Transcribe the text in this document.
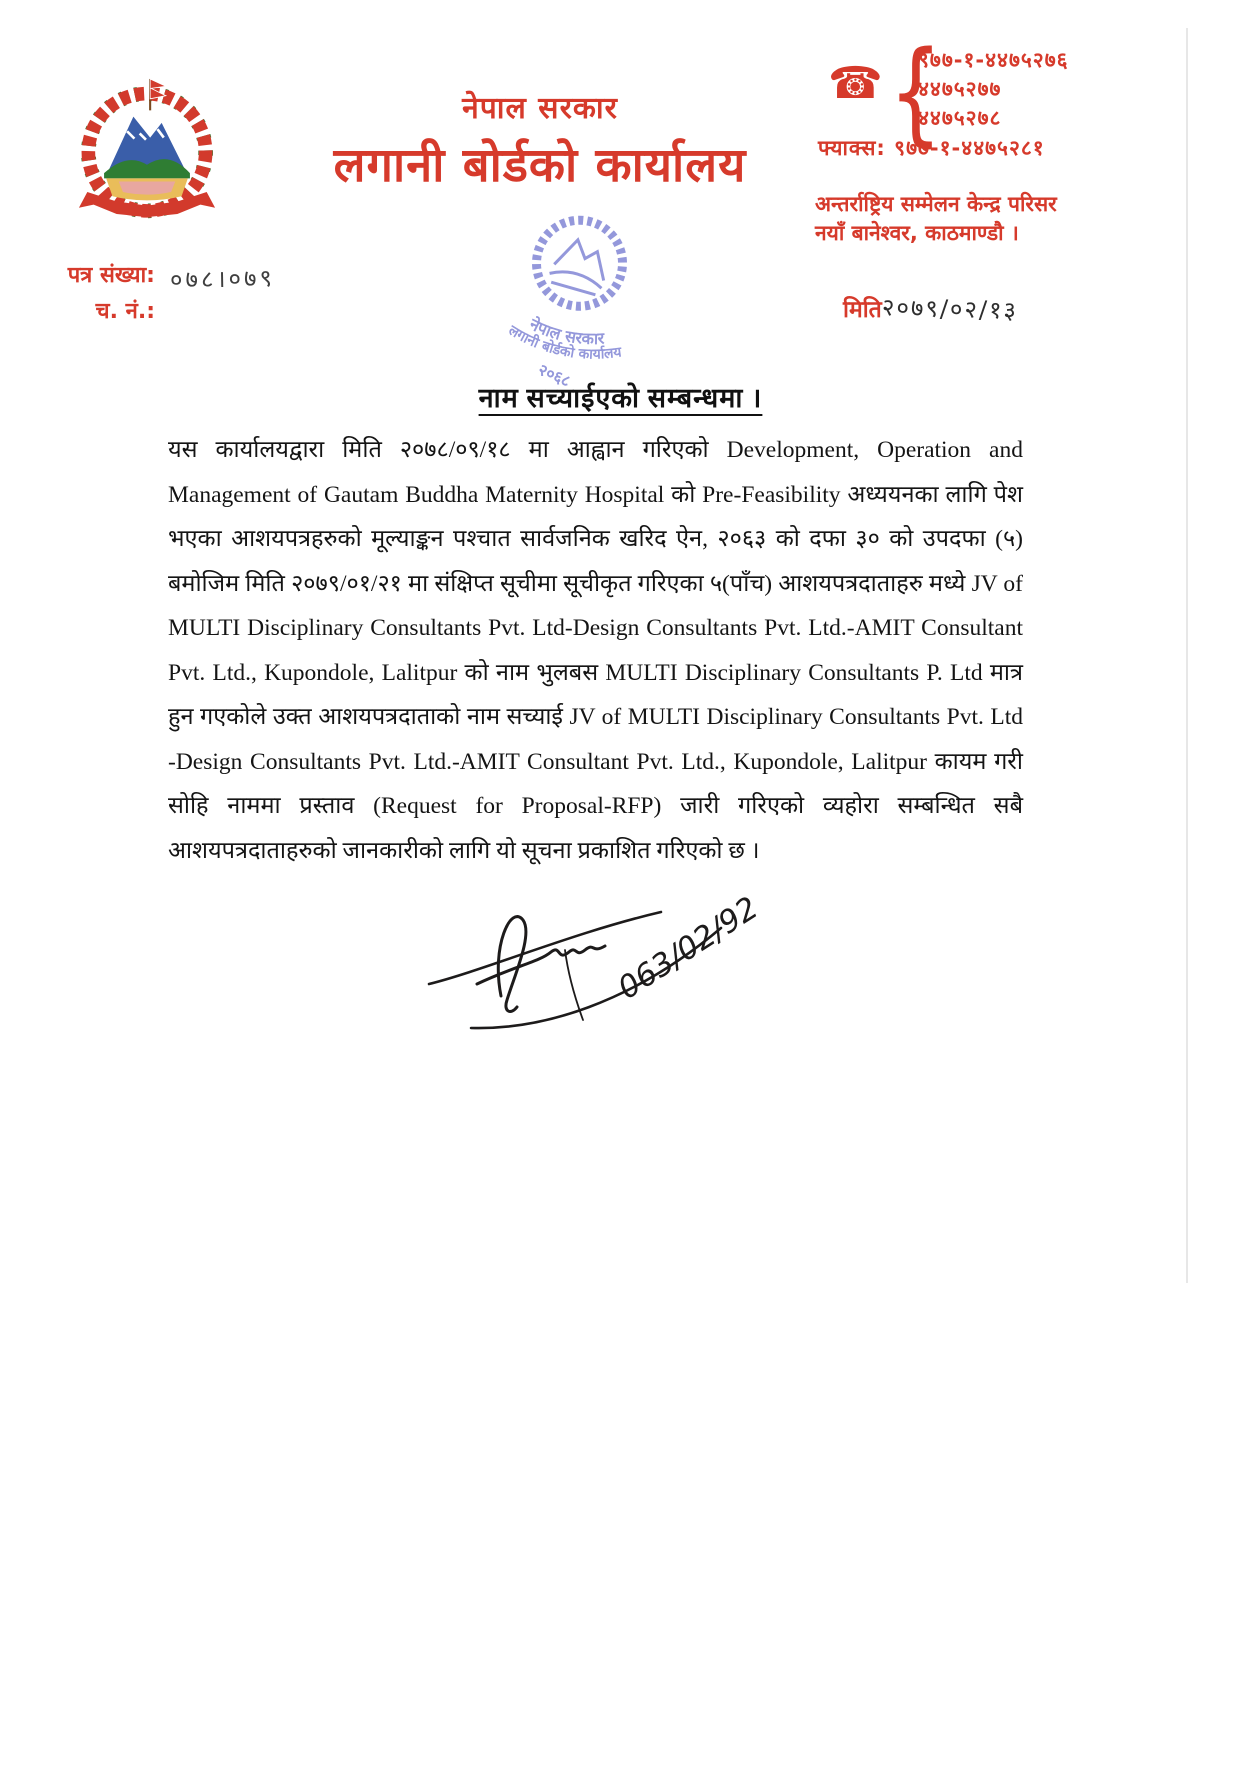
नेपाल सरकार
लगानी बोर्डको कार्यालय
☎ {
९७७-१-४४७५२७६
४४७५२७७
४४७५२७८
फ्याक्स: ९७७-१-४४७५२८१
अन्तर्राष्ट्रिय सम्मेलन केन्द्र परिसर
नयाँ बानेश्वर, काठमाण्डौ ।
पत्र संख्या:
च. नं.:
०७८।०७९
मिति२०७९/०२/१३
नेपाल सरकार
लगानी बोर्डको कार्यालय
२०६८
नाम सच्याईएको सम्बन्धमा ।
यस कार्यालयद्वारा मिति २०७८/०९/१८ मा आह्वान गरिएको Development, Operation and Management of Gautam Buddha Maternity Hospital को Pre-Feasibility अध्ययनका लागि पेश भएका आशयपत्रहरुको मूल्याङ्कन पश्चात सार्वजनिक खरिद ऐन, २०६३ को दफा ३० को उपदफा (५) बमोजिम मिति २०७९/०१/२१ मा संक्षिप्त सूचीमा सूचीकृत गरिएका ५(पाँच) आशयपत्रदाताहरु मध्ये JV of MULTI Disciplinary Consultants Pvt. Ltd-Design Consultants Pvt. Ltd.-AMIT Consultant Pvt. Ltd., Kupondole, Lalitpur को नाम भुलबस MULTI Disciplinary Consultants P. Ltd मात्र हुन गएकोले उक्त आशयपत्रदाताको नाम सच्याई JV of MULTI Disciplinary Consultants Pvt. Ltd -Design Consultants Pvt. Ltd.-AMIT Consultant Pvt. Ltd., Kupondole, Lalitpur कायम गरी सोहि नाममा प्रस्ताव (Request for Proposal-RFP) जारी गरिएको व्यहोरा सम्बन्धित सबै आशयपत्रदाताहरुको जानकारीको लागि यो सूचना प्रकाशित गरिएको छ ।
063/02/92
